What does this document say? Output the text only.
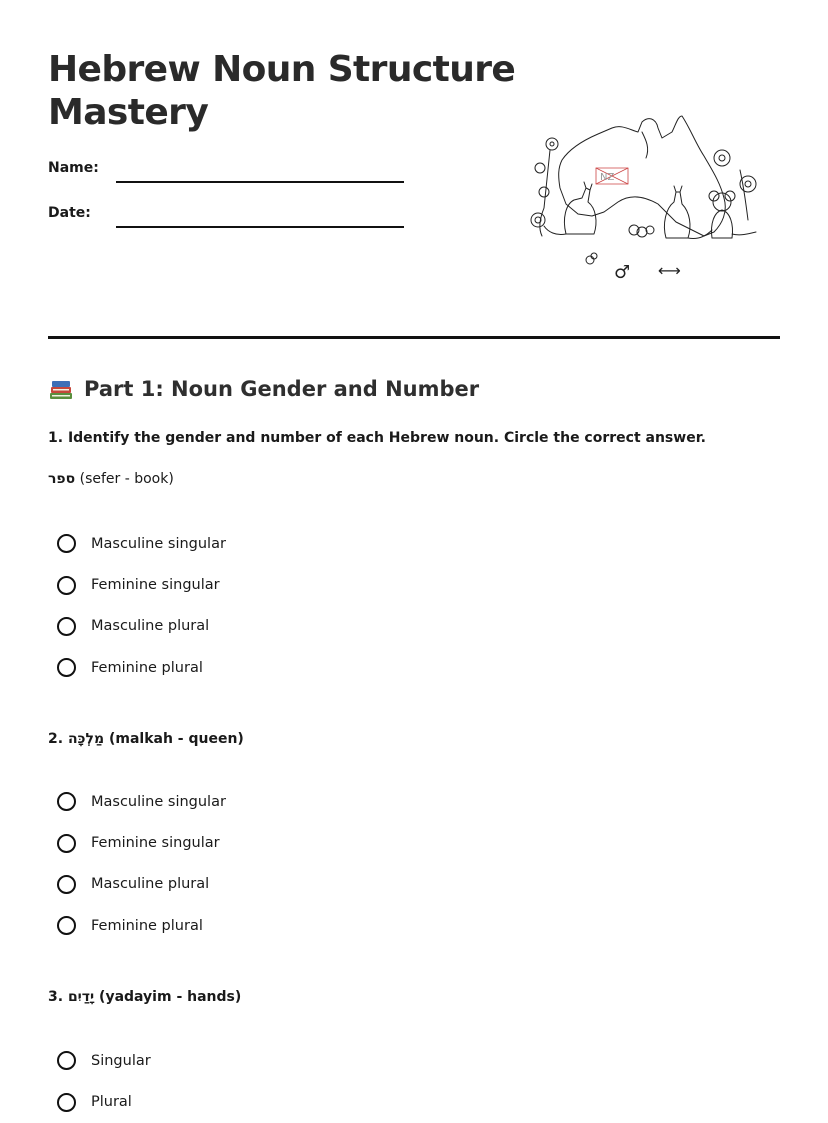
Hebrew Noun Structure Mastery
Name:
Date:
NZ
♂ ⟷
Part 1: Noun Gender and Number

1. Identify the gender and number of each Hebrew noun. Circle the correct answer.

ספר (sefer - book)
Masculine singular
Feminine singular
Masculine plural
Feminine plural

2. מַלְכָּה (malkah - queen)

Masculine singular
Feminine singular
Masculine plural
Feminine plural

3. יָדַיִם (yadayim - hands)

Singular
Plural
